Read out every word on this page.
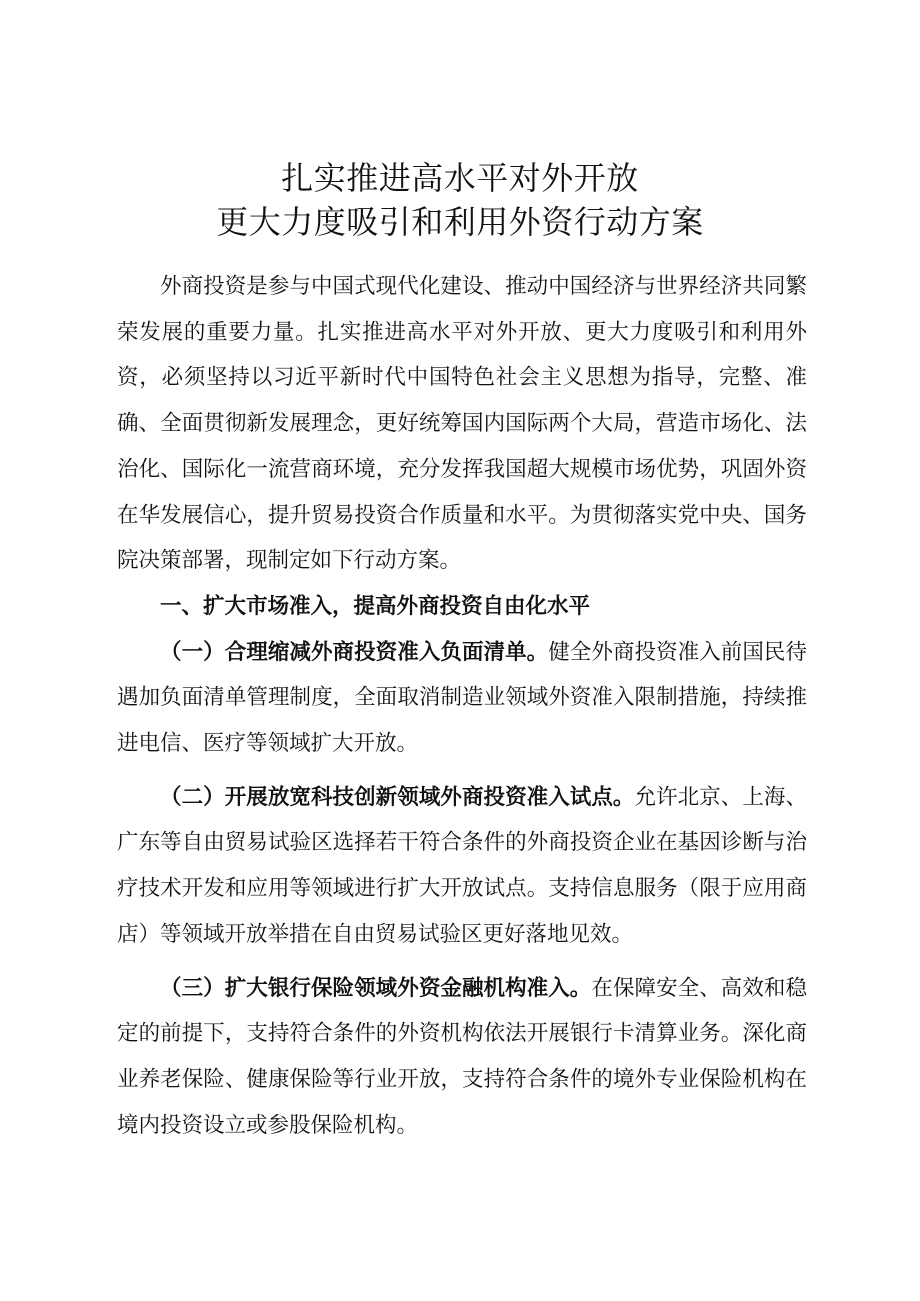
扎实推进高水平对外开放
更大力度吸引和利用外资行动方案

外商投资是参与中国式现代化建设、推动中国经济与世界经济共同繁荣发展的重要力量。扎实推进高水平对外开放、更大力度吸引和利用外资，必须坚持以习近平新时代中国特色社会主义思想为指导，完整、准确、全面贯彻新发展理念，更好统筹国内国际两个大局，营造市场化、法治化、国际化一流营商环境，充分发挥我国超大规模市场优势，巩固外资在华发展信心，提升贸易投资合作质量和水平。为贯彻落实党中央、国务院决策部署，现制定如下行动方案。

一、扩大市场准入，提高外商投资自由化水平

（一）合理缩减外商投资准入负面清单。健全外商投资准入前国民待遇加负面清单管理制度，全面取消制造业领域外资准入限制措施，持续推进电信、医疗等领域扩大开放。

（二）开展放宽科技创新领域外商投资准入试点。允许北京、上海、广东等自由贸易试验区选择若干符合条件的外商投资企业在基因诊断与治疗技术开发和应用等领域进行扩大开放试点。支持信息服务（限于应用商店）等领域开放举措在自由贸易试验区更好落地见效。

（三）扩大银行保险领域外资金融机构准入。在保障安全、高效和稳定的前提下，支持符合条件的外资机构依法开展银行卡清算业务。深化商业养老保险、健康保险等行业开放，支持符合条件的境外专业保险机构在境内投资设立或参股保险机构。
